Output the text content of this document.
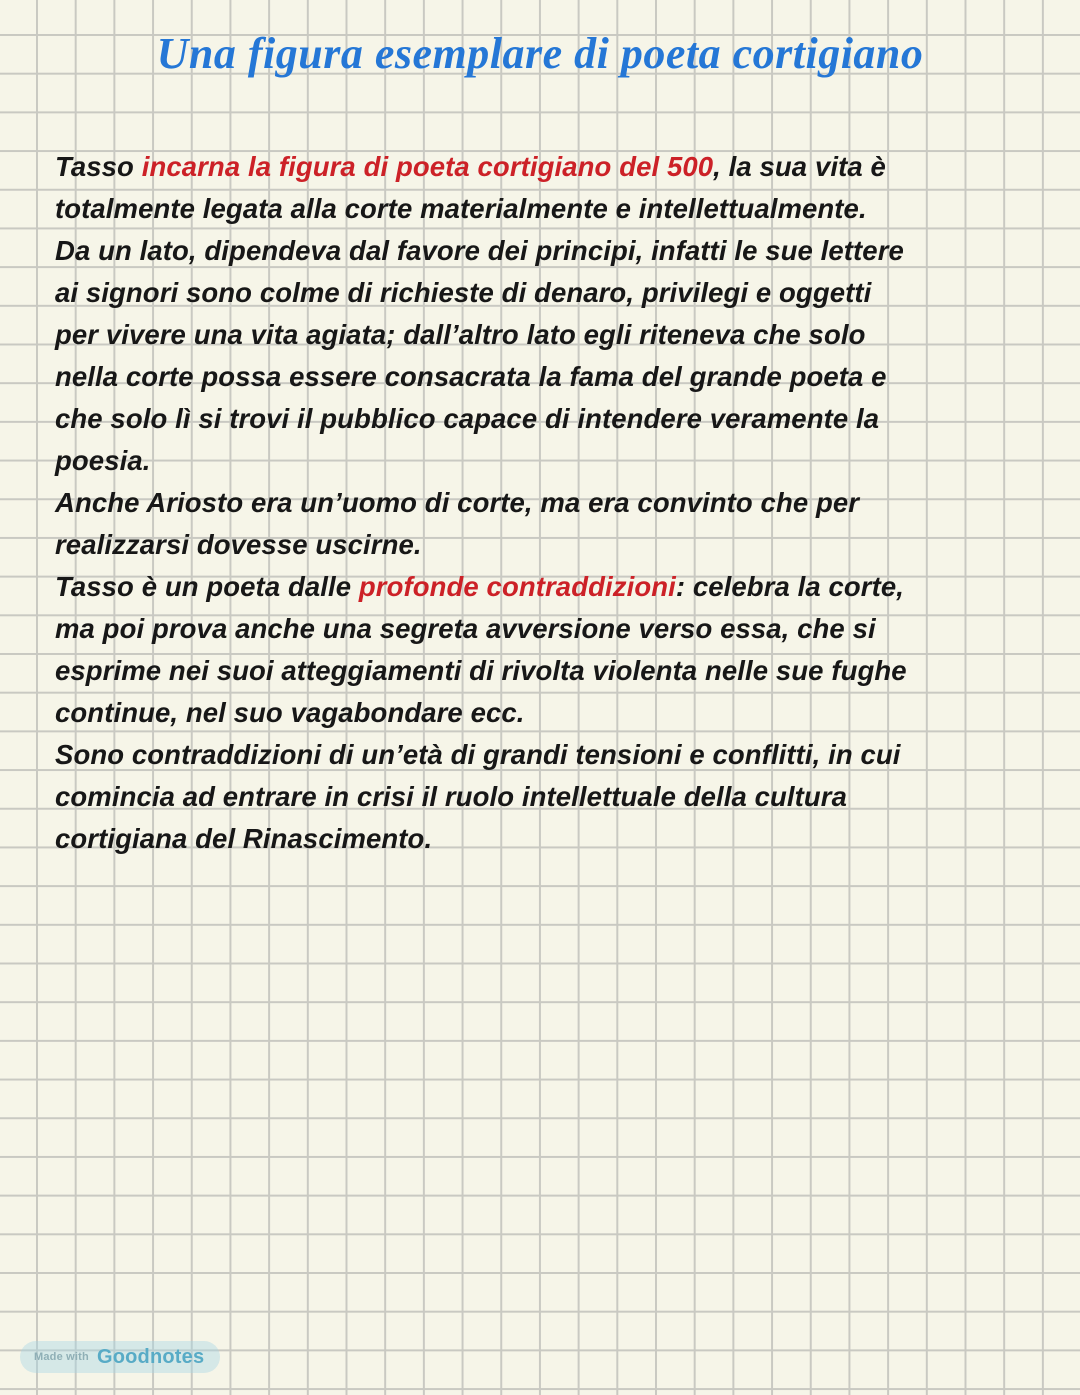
Una figura esemplare di poeta cortigiano
Tasso incarna la figura di poeta cortigiano del 500, la sua vita è
totalmente legata alla corte materialmente e intellettualmente.
Da un lato, dipendeva dal favore dei principi, infatti le sue lettere
ai signori sono colme di richieste di denaro, privilegi e oggetti
per vivere una vita agiata; dall’altro lato egli riteneva che solo
nella corte possa essere consacrata la fama del grande poeta e
che solo lì si trovi il pubblico capace di intendere veramente la
poesia.
Anche Ariosto era un’uomo di corte, ma era convinto che per
realizzarsi dovesse uscirne.
Tasso è un poeta dalle profonde contraddizioni: celebra la corte,
ma poi prova anche una segreta avversione verso essa, che si
esprime nei suoi atteggiamenti di rivolta violenta nelle sue fughe
continue, nel suo vagabondare ecc.
Sono contraddizioni di un’età di grandi tensioni e conflitti, in cui
comincia ad entrare in crisi il ruolo intellettuale della cultura
cortigiana del Rinascimento.
Made with Goodnotes
